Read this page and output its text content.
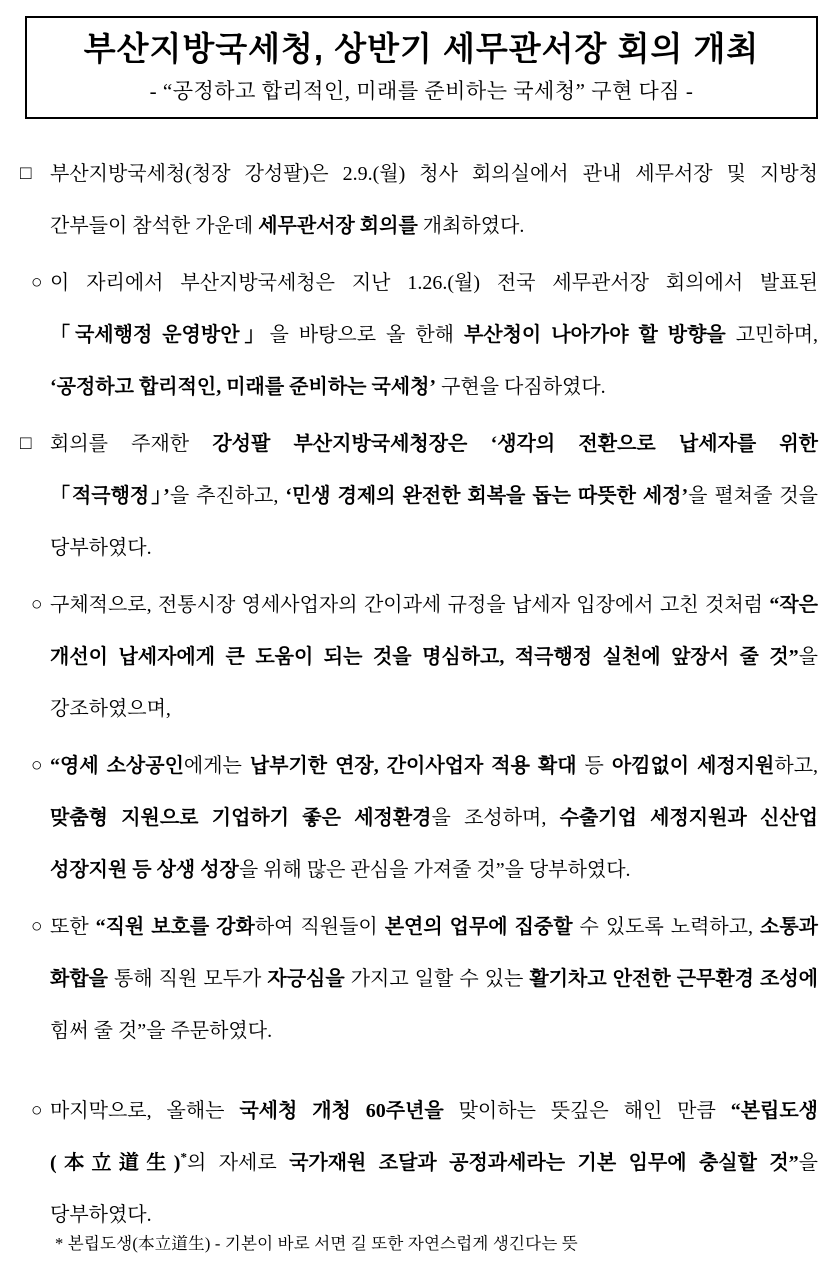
부산지방국세청, 상반기 세무관서장 회의 개최
- “공정하고 합리적인, 미래를 준비하는 국세청” 구현 다짐 -
□ 부산지방국세청(청장 강성팔)은 2.9.(월) 청사 회의실에서 관내 세무서장 및 지방청 간부들이 참석한 가운데 세무관서장 회의를 개최하였다.
○ 이 자리에서 부산지방국세청은 지난 1.26.(월) 전국 세무관서장 회의에서 발표된 「국세행정 운영방안」을 바탕으로 올 한해 부산청이 나아가야 할 방향을 고민하며, ‘공정하고 합리적인, 미래를 준비하는 국세청’ 구현을 다짐하였다.
□ 회의를 주재한 강성팔 부산지방국세청장은 ‘생각의 전환으로 납세자를 위한 「적극행정」’을 추진하고, ‘민생 경제의 완전한 회복을 돕는 따뜻한 세정’을 펼쳐줄 것을 당부하였다.
○ 구체적으로, 전통시장 영세사업자의 간이과세 규정을 납세자 입장에서 고친 것처럼 “작은 개선이 납세자에게 큰 도움이 되는 것을 명심하고, 적극행정 실천에 앞장서 줄 것”을 강조하였으며,
○ “영세 소상공인에게는 납부기한 연장, 간이사업자 적용 확대 등 아낌없이 세정지원하고, 맞춤형 지원으로 기업하기 좋은 세정환경을 조성하며, 수출기업 세정지원과 신산업 성장지원 등 상생 성장을 위해 많은 관심을 가져줄 것”을 당부하였다.
○ 또한 “직원 보호를 강화하여 직원들이 본연의 업무에 집중할 수 있도록 노력하고, 소통과 화합을 통해 직원 모두가 자긍심을 가지고 일할 수 있는 활기차고 안전한 근무환경 조성에 힘써 줄 것”을 주문하였다.
○ 마지막으로, 올해는 국세청 개청 60주년을 맞이하는 뜻깊은 해인 만큼 “본립도생(本立道生)*의 자세로 국가재원 조달과 공정과세라는 기본 임무에 충실할 것”을 당부하였다.
* 본립도생(本立道生) - 기본이 바로 서면 길 또한 자연스럽게 생긴다는 뜻
